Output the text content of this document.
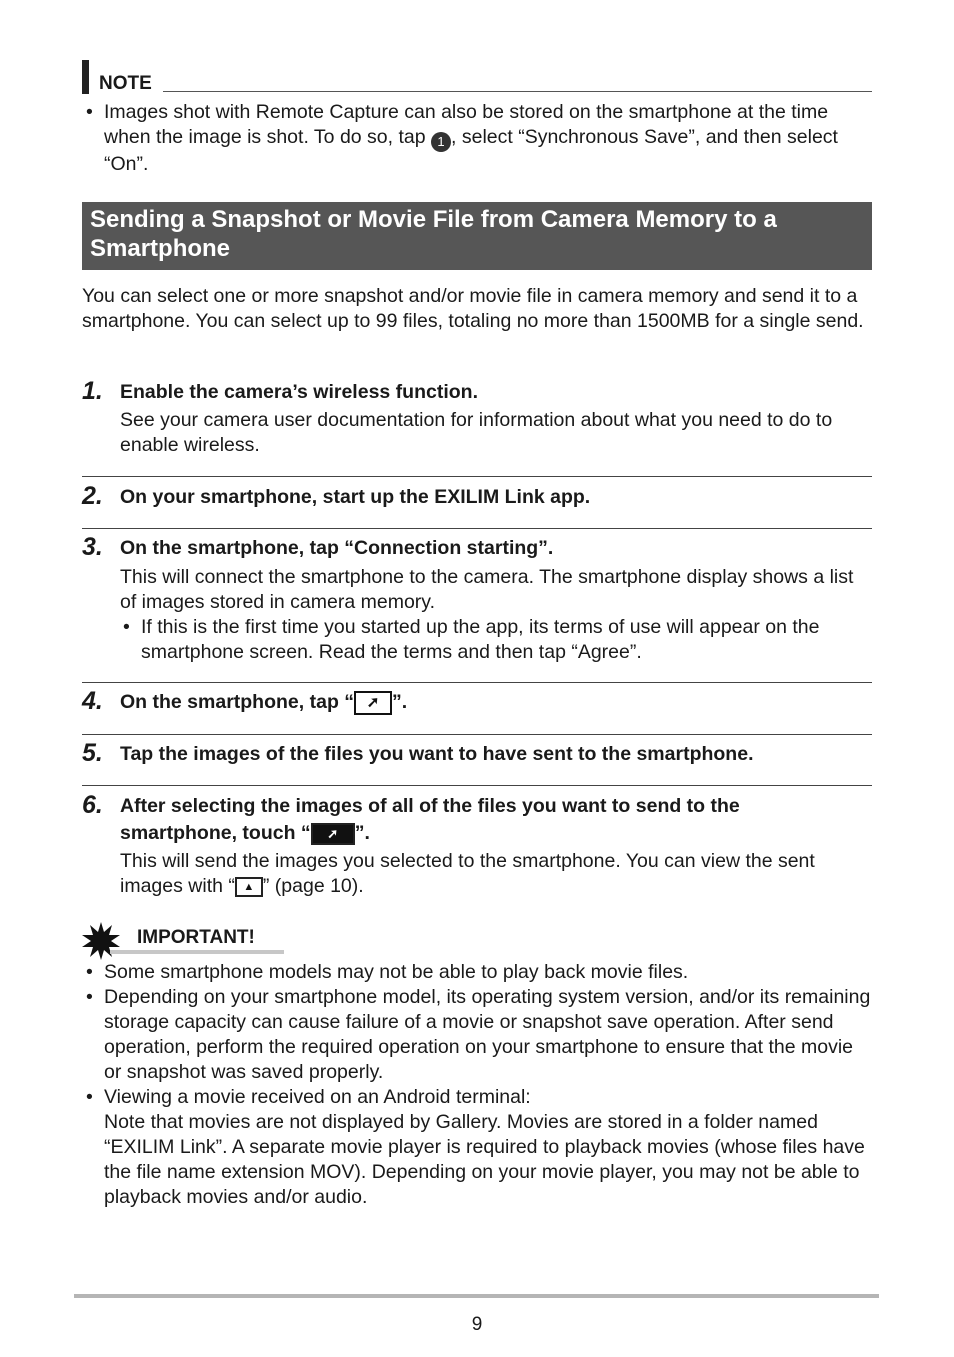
NOTE
• Images shot with Remote Capture can also be stored on the smartphone at the time when the image is shot. To do so, tap 1 , select “Synchronous Save”, and then select “On”.
Sending a Snapshot or Movie File from Camera Memory to a Smartphone
You can select one or more snapshot and/or movie file in camera memory and send it to a smartphone. You can select up to 99 files, totaling no more than 1500MB for a single send.
1. Enable the camera’s wireless function.
See your camera user documentation for information about what you need to do to enable wireless.
2. On your smartphone, start up the EXILIM Link app.
3. On the smartphone, tap “Connection starting”.
This will connect the smartphone to the camera. The smartphone display shows a list of images stored in camera memory.
• If this is the first time you started up the app, its terms of use will appear on the smartphone screen. Read the terms and then tap “Agree”.
4. On the smartphone, tap “ ➚ ”.
5. Tap the images of the files you want to have sent to the smartphone.
6. After selecting the images of all of the files you want to send to the smartphone, touch “ ➚ ”.
This will send the images you selected to the smartphone. You can view the sent images with “ ▲ ” (page 10).
IMPORTANT!
• Some smartphone models may not be able to play back movie files.
• Depending on your smartphone model, its operating system version, and/or its remaining storage capacity can cause failure of a movie or snapshot save operation. After send operation, perform the required operation on your smartphone to ensure that the movie or snapshot was saved properly.
• Viewing a movie received on an Android terminal:
Note that movies are not displayed by Gallery. Movies are stored in a folder named “EXILIM Link”. A separate movie player is required to playback movies (whose files have the file name extension MOV). Depending on your movie player, you may not be able to playback movies and/or audio.
9
